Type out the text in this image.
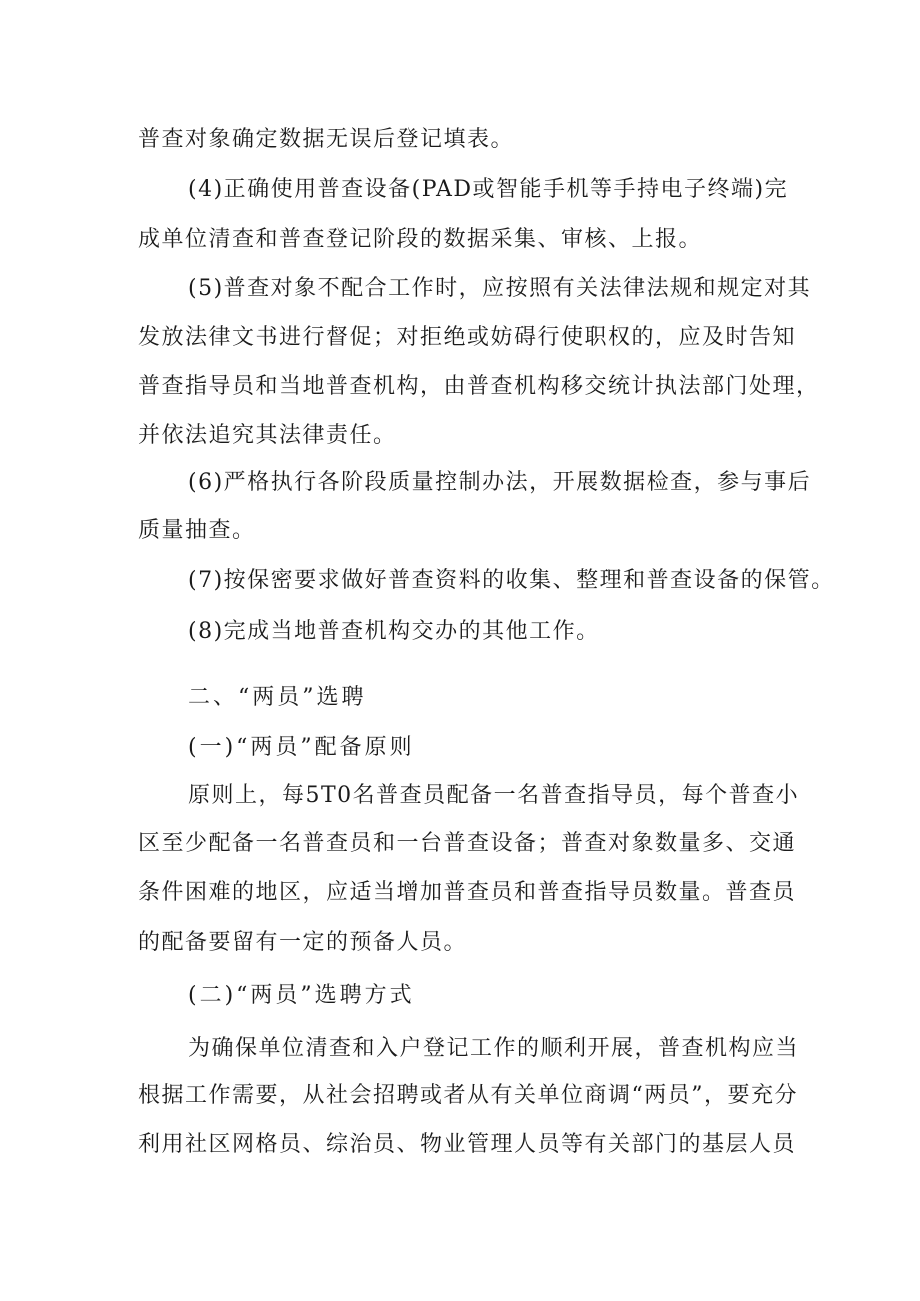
普查对象确定数据无误后登记填表。
(4)正确使用普查设备(PAD或智能手机等手持电子终端)完
成单位清查和普查登记阶段的数据采集、审核、上报。
(5)普查对象不配合工作时，应按照有关法律法规和规定对其
发放法律文书进行督促；对拒绝或妨碍行使职权的，应及时告知
普查指导员和当地普查机构，由普查机构移交统计执法部门处理，
并依法追究其法律责任。
(6)严格执行各阶段质量控制办法，开展数据检查，参与事后
质量抽查。
(7)按保密要求做好普查资料的收集、整理和普查设备的保管。
(8)完成当地普查机构交办的其他工作。
二、“两员”选聘
(一)“两员”配备原则
原则上，每5T0名普查员配备一名普查指导员，每个普查小
区至少配备一名普查员和一台普查设备；普查对象数量多、交通
条件困难的地区，应适当增加普查员和普查指导员数量。普查员
的配备要留有一定的预备人员。
(二)“两员”选聘方式
为确保单位清查和入户登记工作的顺利开展，普查机构应当
根据工作需要，从社会招聘或者从有关单位商调“两员”，要充分
利用社区网格员、综治员、物业管理人员等有关部门的基层人员
